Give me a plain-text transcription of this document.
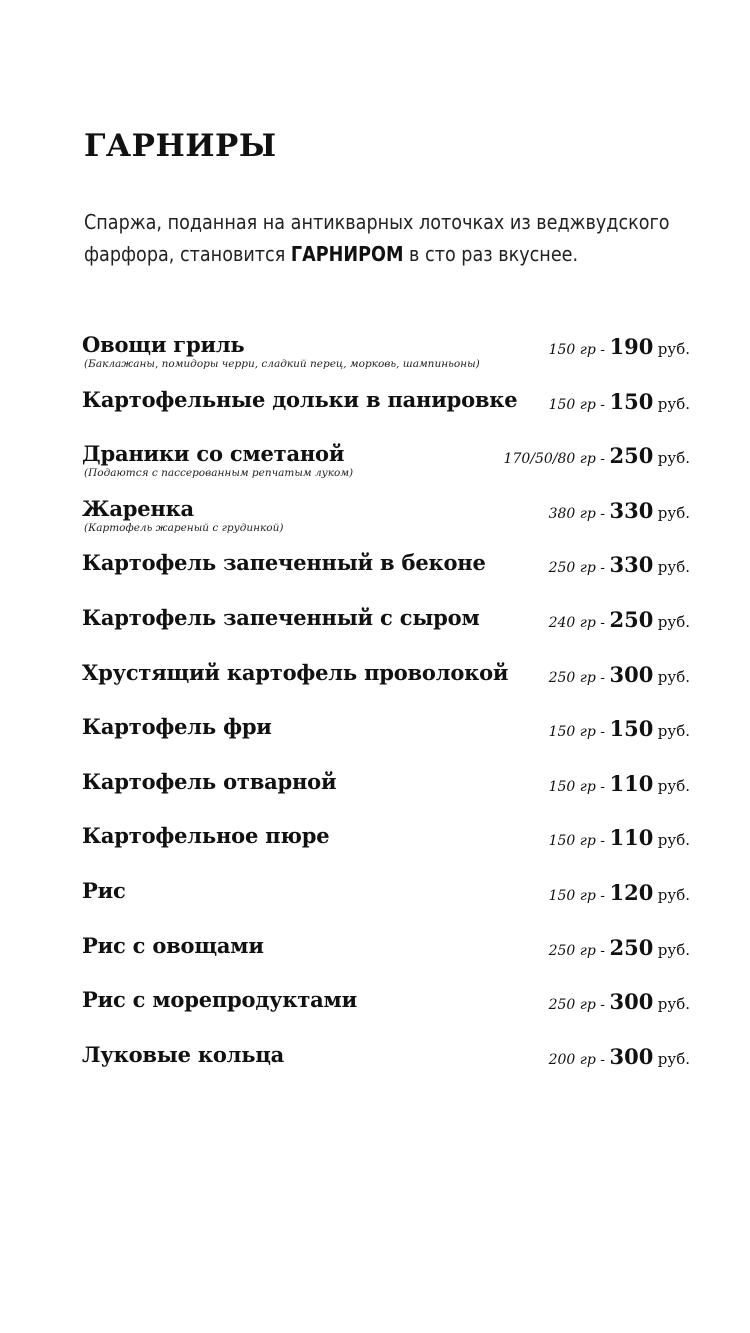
ГАРНИРЫ
Спаржа, поданная на антикварных лоточках из веджвудского
фарфора, становится ГАРНИРОМ в сто раз вкуснее.
Овощи гриль
(Баклажаны, помидоры черри, сладкий перец, морковь, шампиньоны)
150 гр - 190 руб.
Картофельные дольки в панировке 150 гр - 150 руб.
Драники со сметаной
(Подаются с пассерованным репчатым луком)
170/50/80 гр - 250 руб.
Жаренка
(Картофель жареный с грудинкой)
380 гр - 330 руб.
Картофель запеченный в беконе	250 гр - 330 руб.
Картофель запеченный с сыром	240 гр - 250 руб.
Хрустящий картофель проволокой	250 гр - 300 руб.
Картофель фри	150 гр - 150 руб.
Картофель отварной	150 гр - 110 руб.
Картофельное пюре	150 гр - 110 руб.
Рис	150 гр - 120 руб.
Рис с овощами	250 гр - 250 руб.
Рис с морепродуктами	250 гр - 300 руб.
Луковые кольца	200 гр - 300 руб.
